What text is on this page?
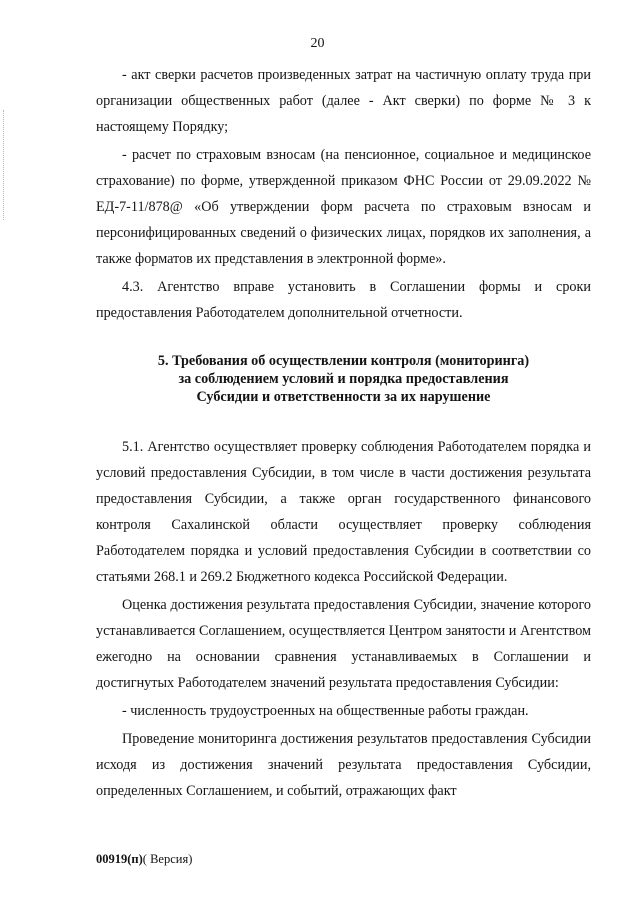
20

- акт сверки расчетов произведенных затрат на частичную оплату труда при организации общественных работ (далее - Акт сверки) по форме № 3 к настоящему Порядку;

- расчет по страховым взносам (на пенсионное, социальное и медицинское страхование) по форме, утвержденной приказом ФНС России от 29.09.2022 № ЕД-7-11/878@ «Об утверждении форм расчета по страховым взносам и персонифицированных сведений о физических лицах, порядков их заполнения, а также форматов их представления в электронной форме».

4.3. Агентство вправе установить в Соглашении формы и сроки предоставления Работодателем дополнительной отчетности.

5. Требования об осуществлении контроля (мониторинга)
за соблюдением условий и порядка предоставления
Субсидии и ответственности за их нарушение

5.1. Агентство осуществляет проверку соблюдения Работодателем порядка и условий предоставления Субсидии, в том числе в части достижения результата предоставления Субсидии, а также орган государственного финансового контроля Сахалинской области осуществляет проверку соблюдения Работодателем порядка и условий предоставления Субсидии в соответствии со статьями 268.1 и 269.2 Бюджетного кодекса Российской Федерации.

Оценка достижения результата предоставления Субсидии, значение которого устанавливается Соглашением, осуществляется Центром занятости и Агентством ежегодно на основании сравнения устанавливаемых в Соглашении и достигнутых Работодателем значений результата предоставления Субсидии:

- численность трудоустроенных на общественные работы граждан.

Проведение мониторинга достижения результатов предоставления Субсидии исходя из достижения значений результата предоставления Субсидии, определенных Соглашением, и событий, отражающих факт

00919(п)( Версия)
